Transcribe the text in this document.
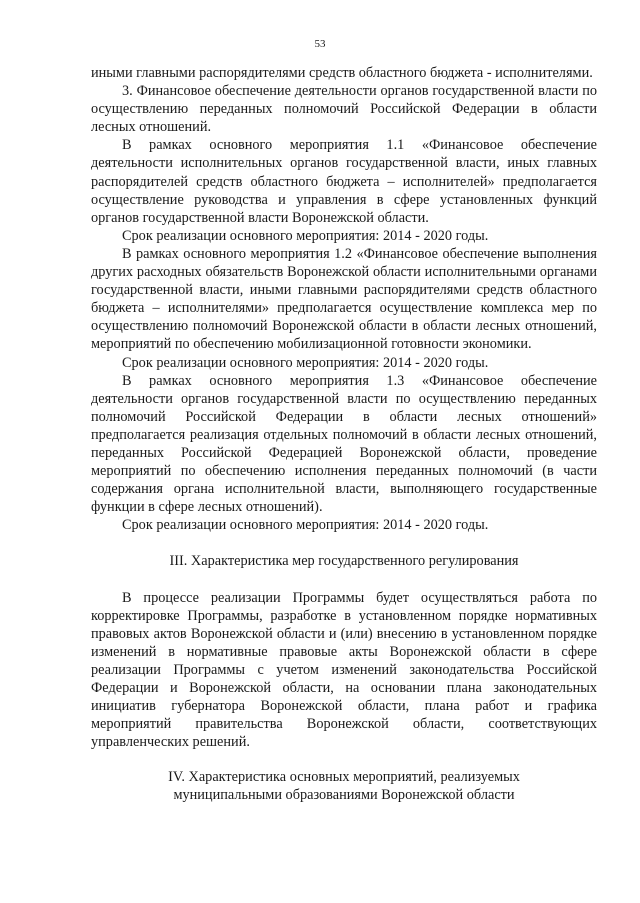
53

иными главными распорядителями средств областного бюджета - исполнителями.

3. Финансовое обеспечение деятельности органов государственной власти по осуществлению переданных полномочий Российской Федерации в области лесных отношений.

В рамках основного мероприятия 1.1 «Финансовое обеспечение деятельности исполнительных органов государственной власти, иных главных распорядителей средств областного бюджета – исполнителей» предполагается осуществление руководства и управления в сфере установленных функций органов государственной власти Воронежской области.

Срок реализации основного мероприятия: 2014 - 2020 годы.

В рамках основного мероприятия 1.2 «Финансовое обеспечение выполнения других расходных обязательств Воронежской области исполнительными органами государственной власти, иными главными распорядителями средств областного бюджета – исполнителями» предполагается осуществление комплекса мер по осуществлению полномочий Воронежской области в области лесных отношений, мероприятий по обеспечению мобилизационной готовности экономики.

Срок реализации основного мероприятия: 2014 - 2020 годы.

В рамках основного мероприятия 1.3 «Финансовое обеспечение деятельности органов государственной власти по осуществлению переданных полномочий Российской Федерации в области лесных отношений» предполагается реализация отдельных полномочий в области лесных отношений, переданных Российской Федерацией Воронежской области, проведение мероприятий по обеспечению исполнения переданных полномочий (в части содержания органа исполнительной власти, выполняющего государственные функции в сфере лесных отношений).

Срок реализации основного мероприятия: 2014 - 2020 годы.

III. Характеристика мер государственного регулирования

В процессе реализации Программы будет осуществляться работа по корректировке Программы, разработке в установленном порядке нормативных правовых актов Воронежской области и (или) внесению в установленном порядке изменений в нормативные правовые акты Воронежской области в сфере реализации Программы с учетом изменений законодательства Российской Федерации и Воронежской области, на основании плана законодательных инициатив губернатора Воронежской области, плана работ и графика мероприятий правительства Воронежской области, соответствующих управленческих решений.

IV. Характеристика основных мероприятий, реализуемых

муниципальными образованиями Воронежской области
